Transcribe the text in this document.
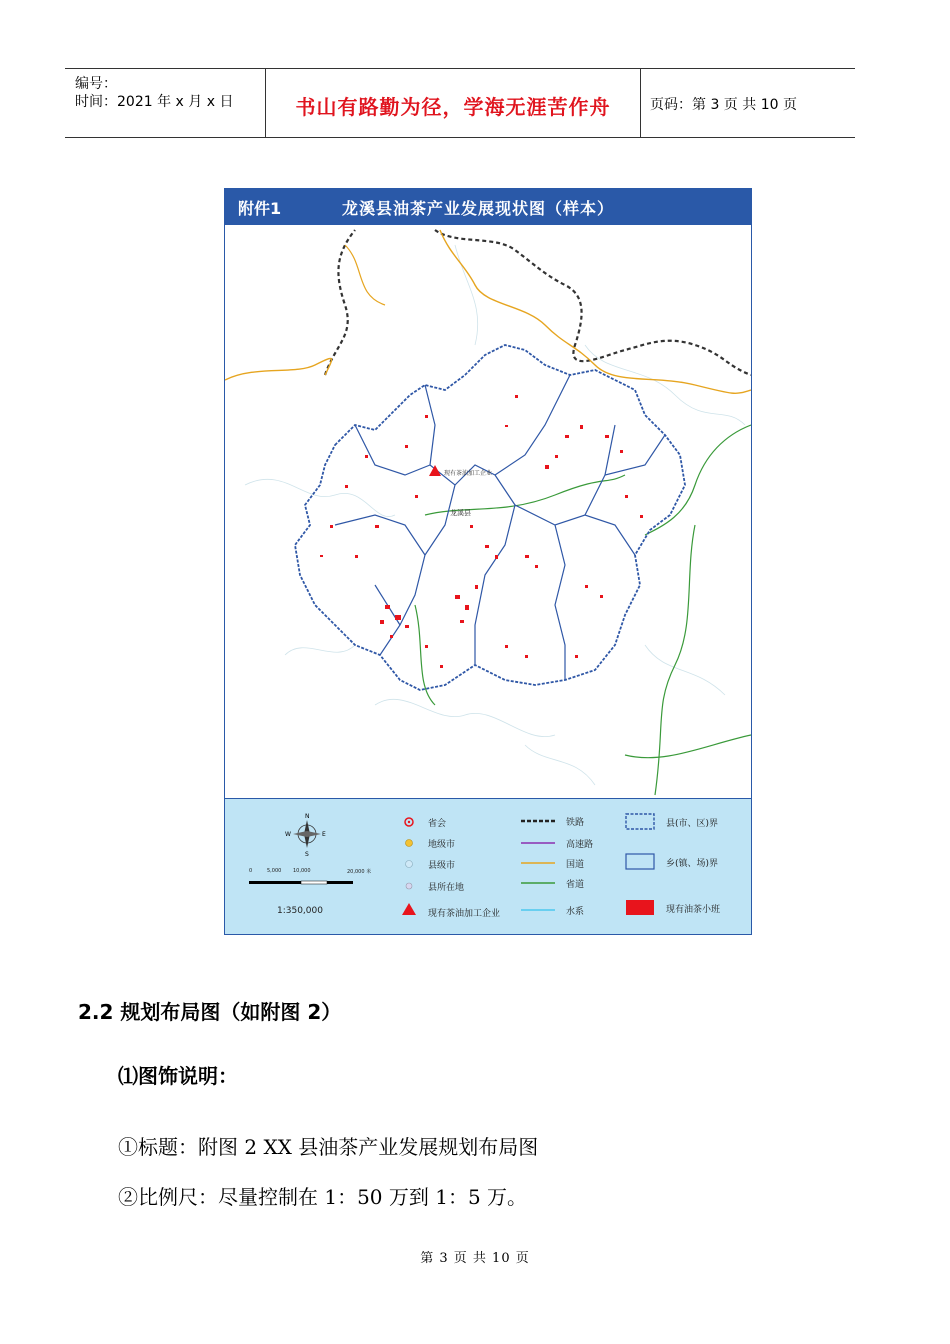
编号：
时间：2021 年 x 月 x 日	书山有路勤为径，学海无涯苦作舟	页码：第 3 页 共 10 页
附件1	龙溪县油茶产业发展现状图（样本）
现有茶油加工企业
龙溪县
N
E
S
W
0	5,000 10,000	20,000 米
1:350,000
省会
地级市
县级市
县所在地
现有茶油加工企业
铁路
高速路
国道
省道
水系
县(市、区)界
乡(镇、场)界
现有油茶小班
2.2 规划布局图（如附图 2）
⑴图饰说明：
①标题：附图 2 XX 县油茶产业发展规划布局图
②比例尺：尽量控制在 1：50 万到 1：5 万。
第 3 页 共 10 页
